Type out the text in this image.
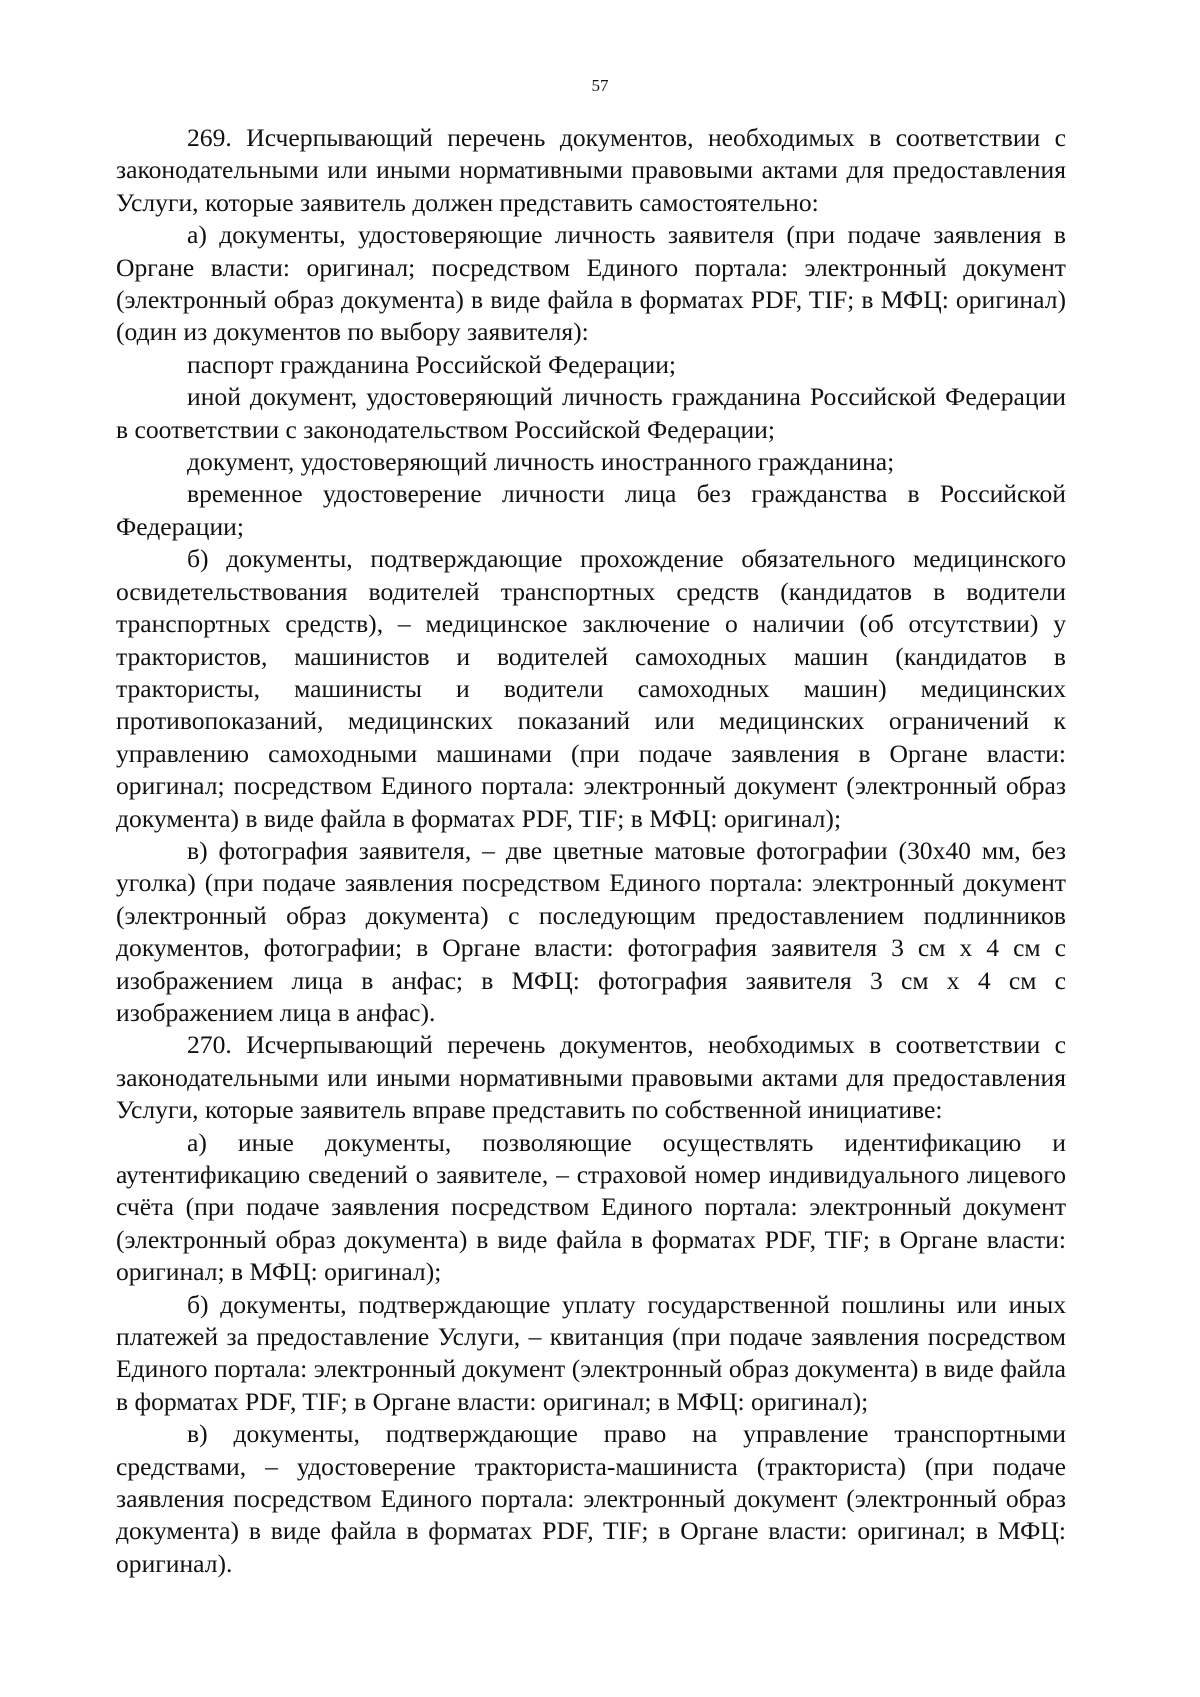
57

269. Исчерпывающий перечень документов, необходимых в соответствии с законодательными или иными нормативными правовыми актами для предоставления Услуги, которые заявитель должен представить самостоятельно:

а) документы, удостоверяющие личность заявителя (при подаче заявления в Органе власти: оригинал; посредством Единого портала: электронный документ (электронный образ документа) в виде файла в форматах PDF, TIF; в МФЦ: оригинал) (один из документов по выбору заявителя):

паспорт гражданина Российской Федерации;

иной документ, удостоверяющий личность гражданина Российской Федерации в соответствии с законодательством Российской Федерации;

документ, удостоверяющий личность иностранного гражданина;

временное удостоверение личности лица без гражданства в Российской Федерации;

б) документы, подтверждающие прохождение обязательного медицинского освидетельствования водителей транспортных средств (кандидатов в водители транспортных средств), – медицинское заключение о наличии (об отсутствии) у трактористов, машинистов и водителей самоходных машин (кандидатов в трактористы, машинисты и водители самоходных машин) медицинских противопоказаний, медицинских показаний или медицинских ограничений к управлению самоходными машинами (при подаче заявления в Органе власти: оригинал; посредством Единого портала: электронный документ (электронный образ документа) в виде файла в форматах PDF, TIF; в МФЦ: оригинал);

в) фотография заявителя, – две цветные матовые фотографии (30х40 мм, без уголка) (при подаче заявления посредством Единого портала: электронный документ (электронный образ документа) с последующим предоставлением подлинников документов, фотографии; в Органе власти: фотография заявителя 3 см х 4 см с изображением лица в анфас; в МФЦ: фотография заявителя 3 см х 4 см с изображением лица в анфас).

270. Исчерпывающий перечень документов, необходимых в соответствии с законодательными или иными нормативными правовыми актами для предоставления Услуги, которые заявитель вправе представить по собственной инициативе:

а) иные документы, позволяющие осуществлять идентификацию и аутентификацию сведений о заявителе, – страховой номер индивидуального лицевого счёта (при подаче заявления посредством Единого портала: электронный документ (электронный образ документа) в виде файла в форматах PDF, TIF; в Органе власти: оригинал; в МФЦ: оригинал);

б) документы, подтверждающие уплату государственной пошлины или иных платежей за предоставление Услуги, – квитанция (при подаче заявления посредством Единого портала: электронный документ (электронный образ документа) в виде файла в форматах PDF, TIF; в Органе власти: оригинал; в МФЦ: оригинал);

в) документы, подтверждающие право на управление транспортными средствами, – удостоверение тракториста-машиниста (тракториста) (при подаче заявления посредством Единого портала: электронный документ (электронный образ документа) в виде файла в форматах PDF, TIF; в Органе власти: оригинал; в МФЦ: оригинал).
